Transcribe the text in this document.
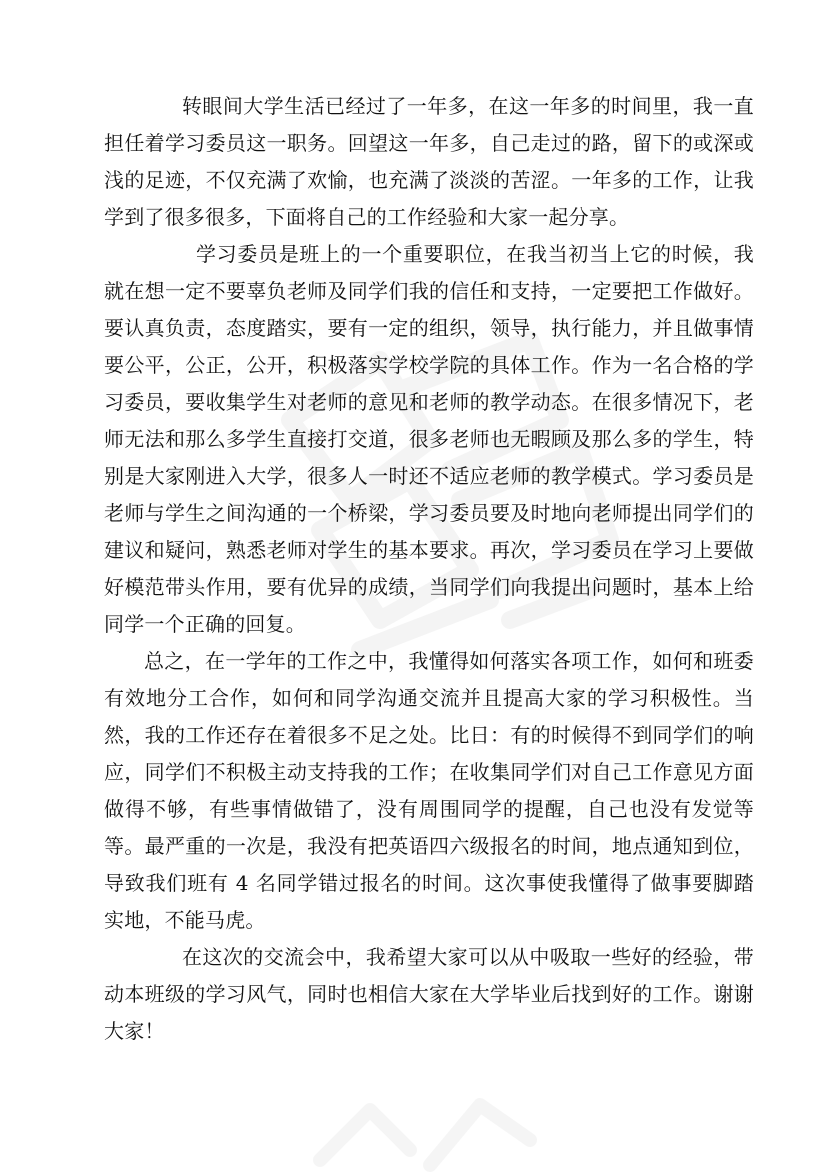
转眼间大学生活已经过了一年多，在这一年多的时间里，我一直担任着学习委员这一职务。回望这一年多，自己走过的路，留下的或深或浅的足迹，不仅充满了欢愉，也充满了淡淡的苦涩。一年多的工作，让我学到了很多很多，下面将自己的工作经验和大家一起分享。

学习委员是班上的一个重要职位，在我当初当上它的时候，我就在想一定不要辜负老师及同学们我的信任和支持，一定要把工作做好。要认真负责，态度踏实，要有一定的组织，领导，执行能力，并且做事情要公平，公正，公开，积极落实学校学院的具体工作。作为一名合格的学习委员，要收集学生对老师的意见和老师的教学动态。在很多情况下，老师无法和那么多学生直接打交道，很多老师也无暇顾及那么多的学生，特别是大家刚进入大学，很多人一时还不适应老师的教学模式。学习委员是老师与学生之间沟通的一个桥梁，学习委员要及时地向老师提出同学们的建议和疑问，熟悉老师对学生的基本要求。再次，学习委员在学习上要做好模范带头作用，要有优异的成绩，当同学们向我提出问题时，基本上给同学一个正确的回复。

总之，在一学年的工作之中，我懂得如何落实各项工作，如何和班委有效地分工合作，如何和同学沟通交流并且提高大家的学习积极性。当然，我的工作还存在着很多不足之处。比日：有的时候得不到同学们的响应，同学们不积极主动支持我的工作；在收集同学们对自己工作意见方面做得不够，有些事情做错了，没有周围同学的提醒，自己也没有发觉等等。最严重的一次是，我没有把英语四六级报名的时间，地点通知到位，导致我们班有 4 名同学错过报名的时间。这次事使我懂得了做事要脚踏实地，不能马虎。

在这次的交流会中，我希望大家可以从中吸取一些好的经验，带动本班级的学习风气，同时也相信大家在大学毕业后找到好的工作。谢谢大家！
